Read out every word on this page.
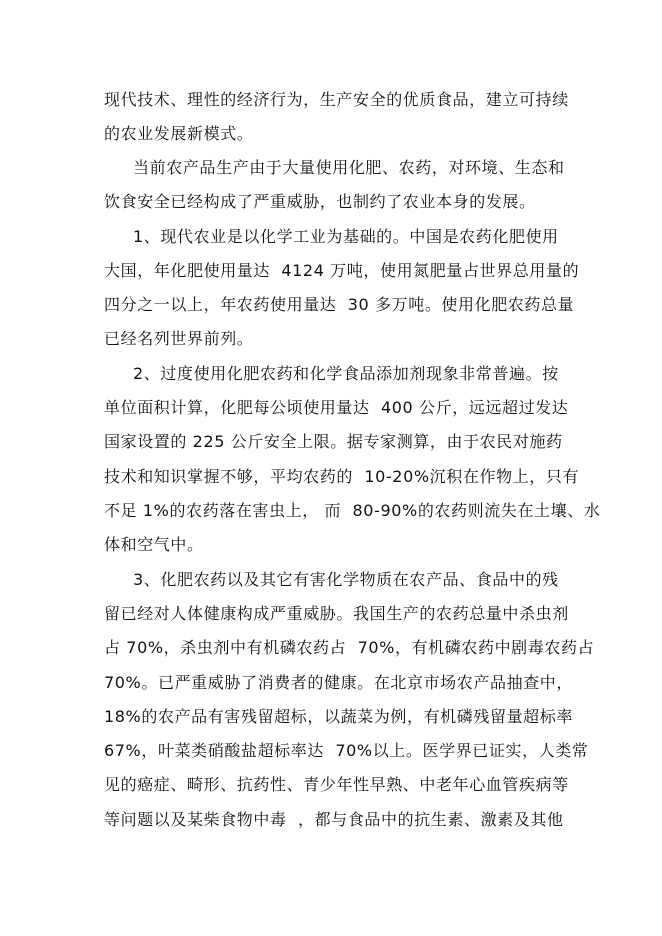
现代技术、理性的经济行为，生产安全的优质食品，建立可持续
的农业发展新模式。
当前农产品生产由于大量使用化肥、农药，对环境、生态和
饮食安全已经构成了严重威胁，也制约了农业本身的发展。
1、现代农业是以化学工业为基础的。中国是农药化肥使用
大国，年化肥使用量达  4124 万吨，使用氮肥量占世界总用量的
四分之一以上，年农药使用量达  30 多万吨。使用化肥农药总量
已经名列世界前列。
2、过度使用化肥农药和化学食品添加剂现象非常普遍。按
单位面积计算，化肥每公顷使用量达  400 公斤，远远超过发达
国家设置的 225 公斤安全上限。据专家测算，由于农民对施药
技术和知识掌握不够，平均农药的  10-20%沉积在作物上，只有
不足 1%的农药落在害虫上， 而  80-90%的农药则流失在土壤、水
体和空气中。
3、化肥农药以及其它有害化学物质在农产品、食品中的残
留已经对人体健康构成严重威胁。我国生产的农药总量中杀虫剂
占 70%，杀虫剂中有机磷农药占  70%，有机磷农药中剧毒农药占
70%。已严重威胁了消费者的健康。在北京市场农产品抽查中，
18%的农产品有害残留超标，以蔬菜为例，有机磷残留量超标率
67%，叶菜类硝酸盐超标率达  70%以上。医学界已证实，人类常
见的癌症、畸形、抗药性、青少年性早熟、中老年心血管疾病等
等问题以及某柴食物中毒  ，都与食品中的抗生素、激素及其他
